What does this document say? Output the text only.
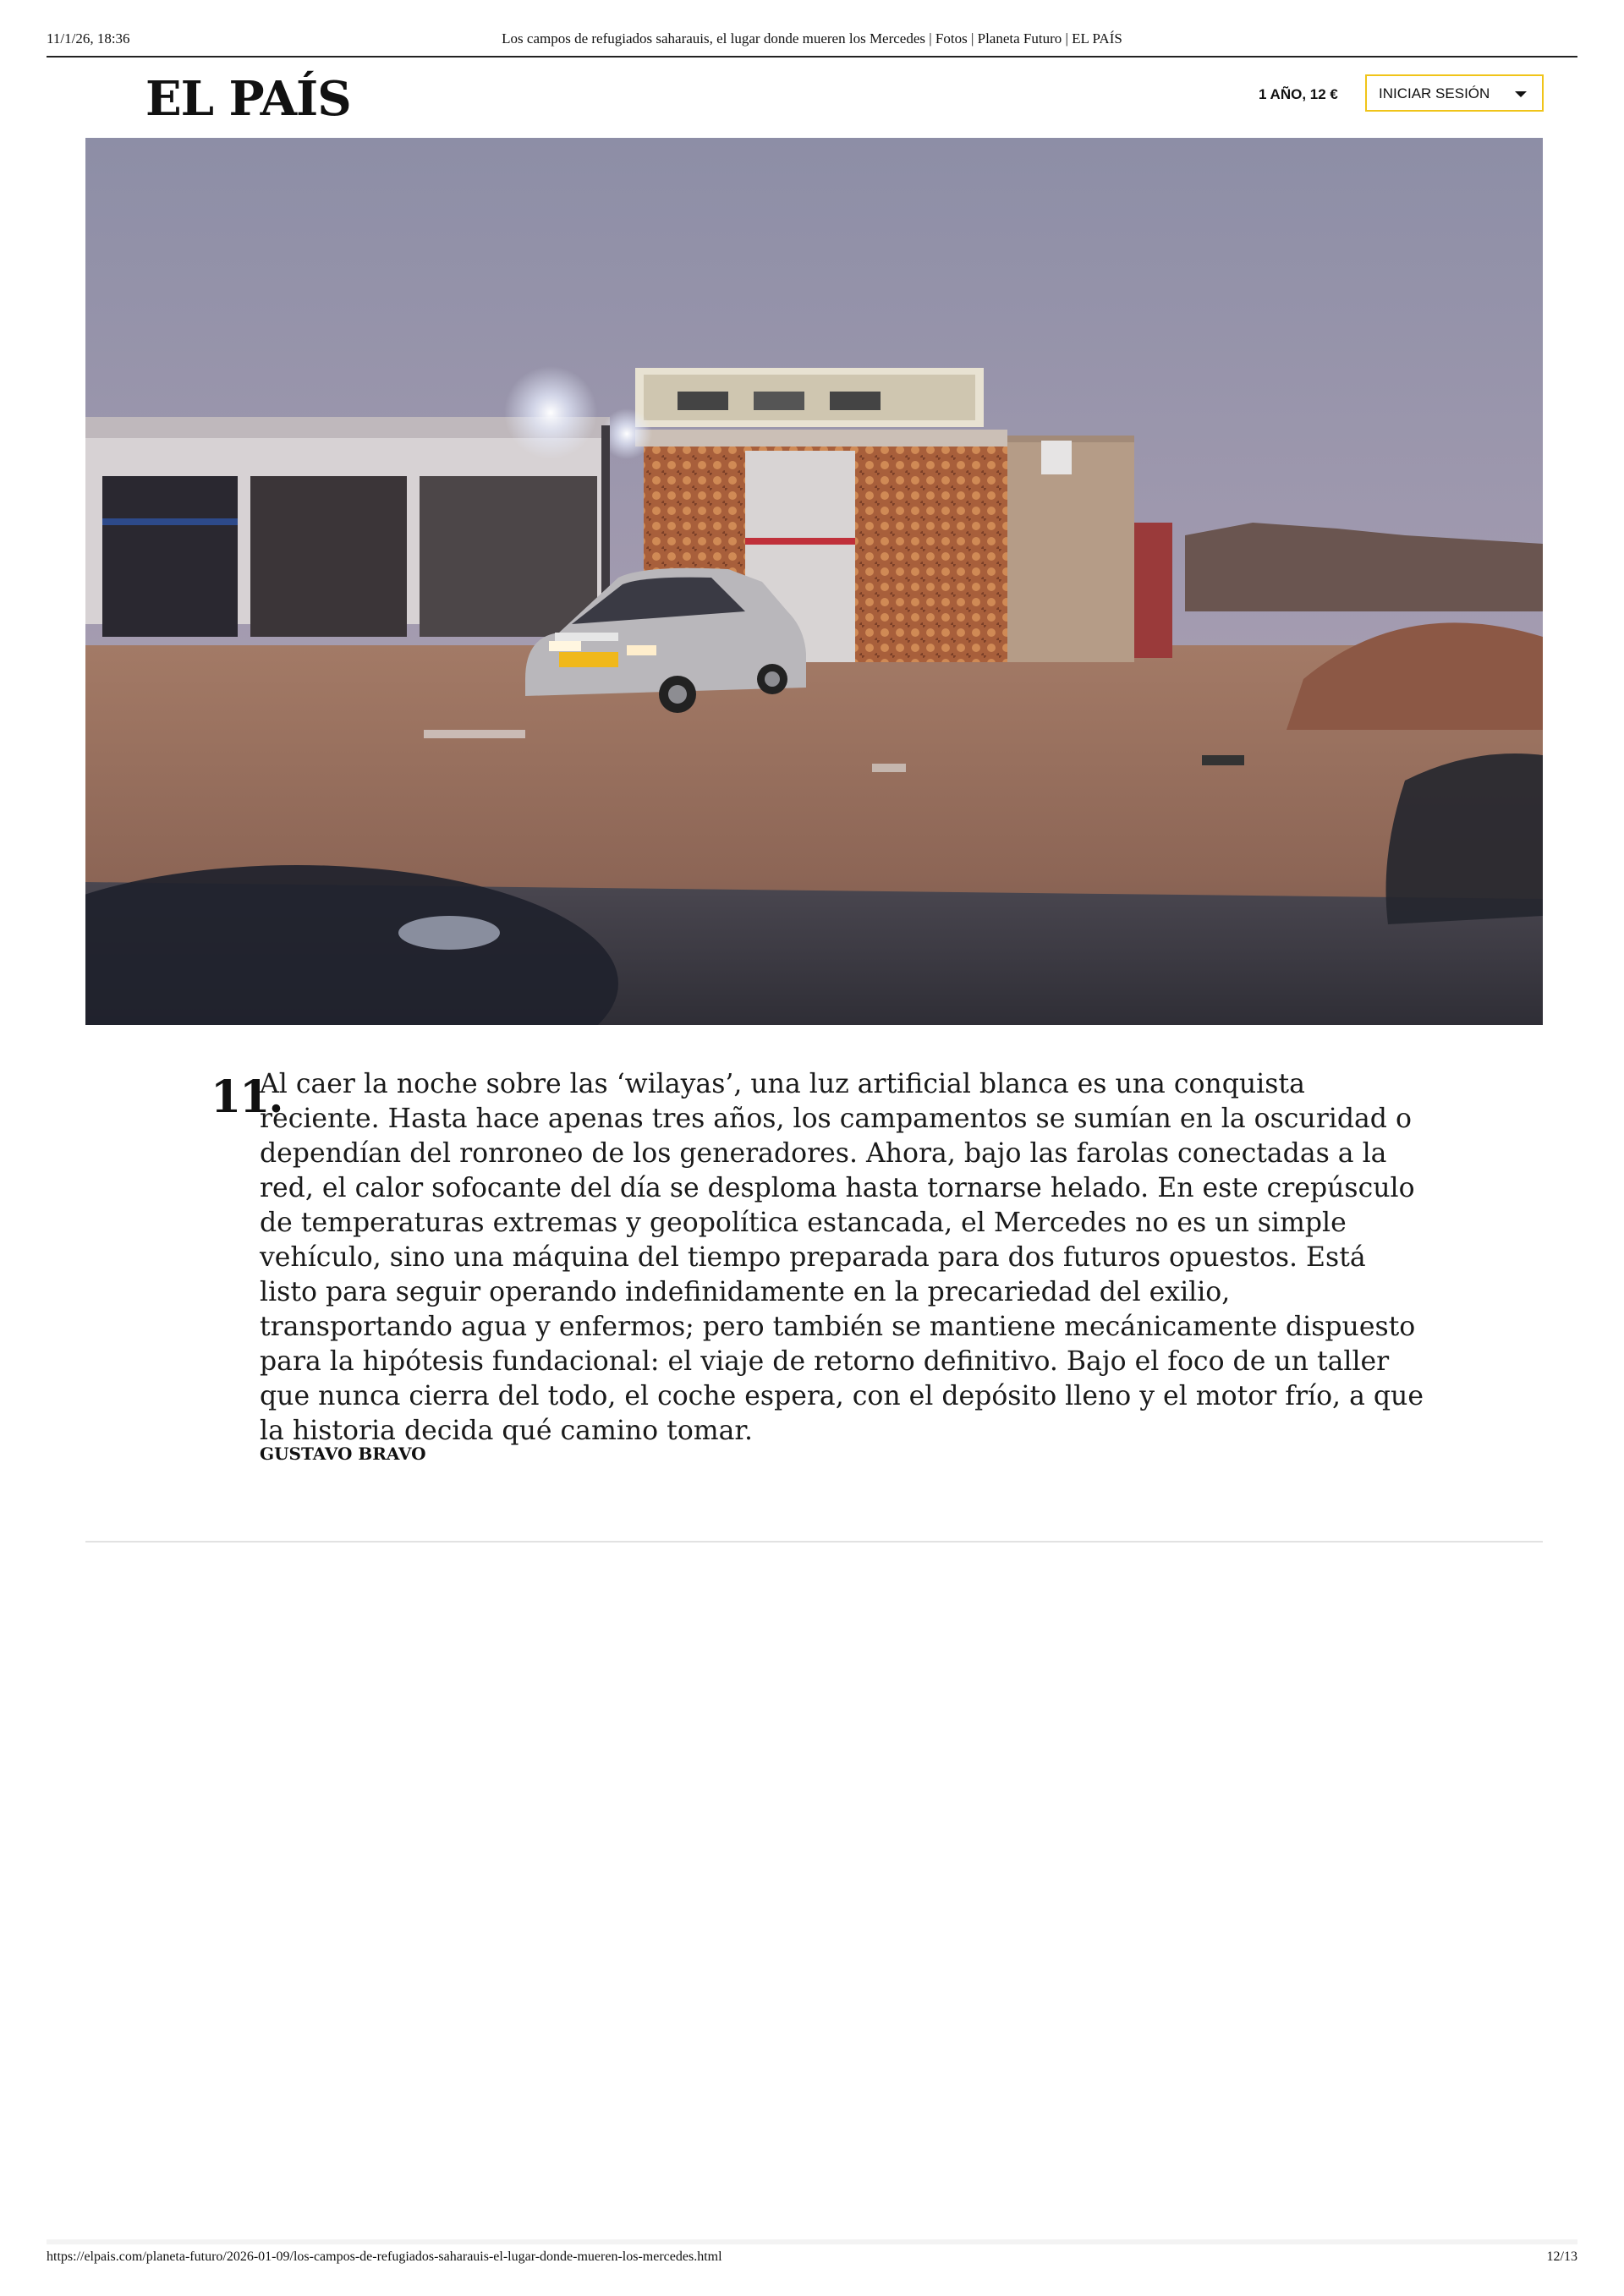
11/1/26, 18:36	Los campos de refugiados saharauis, el lugar donde mueren los Mercedes | Fotos | Planeta Futuro | EL PAÍS
EL PAÍS	1 AÑO, 12 €	INICIAR SESIÓN
11.
Al caer la noche sobre las ‘wilayas’, una luz artificial blanca es una conquista reciente. Hasta hace apenas tres años, los campamentos se sumían en la oscuridad o dependían del ronroneo de los generadores. Ahora, bajo las farolas conectadas a la red, el calor sofocante del día se desploma hasta tornarse helado. En este crepúsculo de temperaturas extremas y geopolítica estancada, el Mercedes no es un simple vehículo, sino una máquina del tiempo preparada para dos futuros opuestos. Está listo para seguir operando indefinidamente en la precariedad del exilio, transportando agua y enfermos; pero también se mantiene mecánicamente dispuesto para la hipótesis fundacional: el viaje de retorno definitivo. Bajo el foco de un taller que nunca cierra del todo, el coche espera, con el depósito lleno y el motor frío, a que la historia decida qué camino tomar.
GUSTAVO BRAVO
https://elpais.com/planeta-futuro/2026-01-09/los-campos-de-refugiados-saharauis-el-lugar-donde-mueren-los-mercedes.html	12/13
